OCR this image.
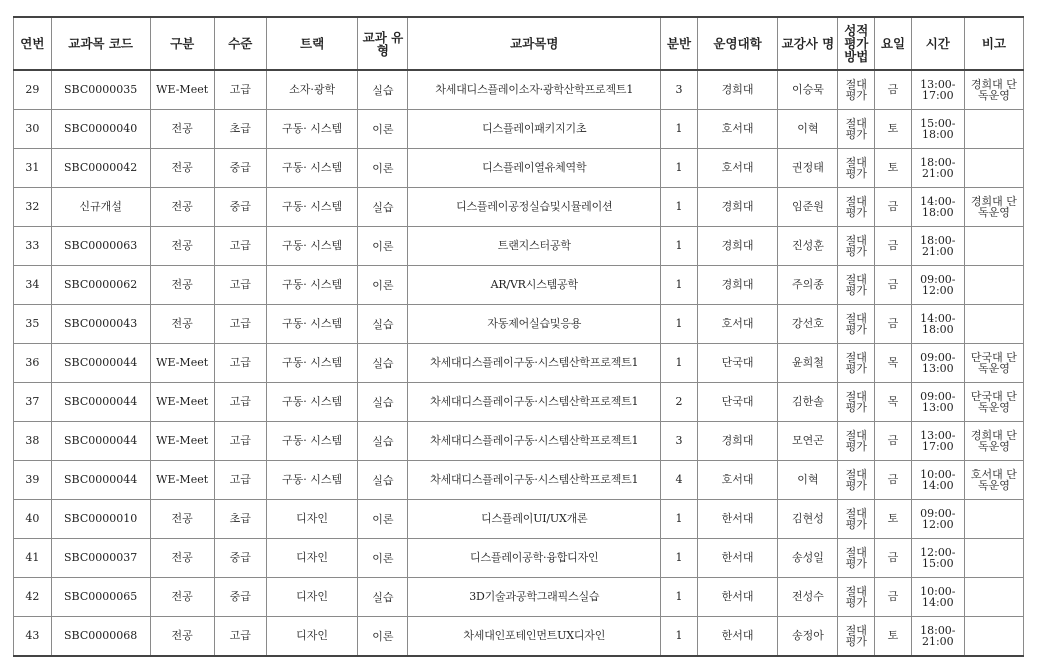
연번	교과목 코드	구분	수준	트랙	교과 유형	교과목명	분반	운영대학	교강사 명	성적 평가 방법	요일	시간	비고
29	SBC0000035	WE-Meet	고급	소자·광학	실습	차세대디스플레이소자·광학산학프로젝트1	3	경희대	이승묵	절대 평가	금	13:00- 17:00	경희대 단독운영
30	SBC0000040	전공	초급	구동· 시스템	이론	디스플레이패키지기초	1	호서대	이혁	절대 평가	토	15:00- 18:00	
31	SBC0000042	전공	중급	구동· 시스템	이론	디스플레이열유체역학	1	호서대	권정태	절대 평가	토	18:00- 21:00	
32	신규개설	전공	중급	구동· 시스템	실습	디스플레이공정실습및시뮬레이션	1	경희대	임준원	절대 평가	금	14:00- 18:00	경희대 단독운영
33	SBC0000063	전공	고급	구동· 시스템	이론	트랜지스터공학	1	경희대	진성훈	절대 평가	금	18:00- 21:00	
34	SBC0000062	전공	고급	구동· 시스템	이론	AR/VR시스템공학	1	경희대	주의종	절대 평가	금	09:00- 12:00	
35	SBC0000043	전공	고급	구동· 시스템	실습	자동제어실습및응용	1	호서대	강선호	절대 평가	금	14:00- 18:00	
36	SBC0000044	WE-Meet	고급	구동· 시스템	실습	차세대디스플레이구동·시스템산학프로젝트1	1	단국대	윤희철	절대 평가	목	09:00- 13:00	단국대 단독운영
37	SBC0000044	WE-Meet	고급	구동· 시스템	실습	차세대디스플레이구동·시스템산학프로젝트1	2	단국대	김한솔	절대 평가	목	09:00- 13:00	단국대 단독운영
38	SBC0000044	WE-Meet	고급	구동· 시스템	실습	차세대디스플레이구동·시스템산학프로젝트1	3	경희대	모연곤	절대 평가	금	13:00- 17:00	경희대 단독운영
39	SBC0000044	WE-Meet	고급	구동· 시스템	실습	차세대디스플레이구동·시스템산학프로젝트1	4	호서대	이혁	절대 평가	금	10:00- 14:00	호서대 단독운영
40	SBC0000010	전공	초급	디자인	이론	디스플레이UI/UX개론	1	한서대	김현성	절대 평가	토	09:00- 12:00	
41	SBC0000037	전공	중급	디자인	이론	디스플레이공학·융합디자인	1	한서대	송성일	절대 평가	금	12:00- 15:00	
42	SBC0000065	전공	중급	디자인	실습	3D기술과공학그래픽스실습	1	한서대	전성수	절대 평가	금	10:00- 14:00	
43	SBC0000068	전공	고급	디자인	이론	차세대인포테인먼트UX디자인	1	한서대	송정아	절대 평가	토	18:00- 21:00	
